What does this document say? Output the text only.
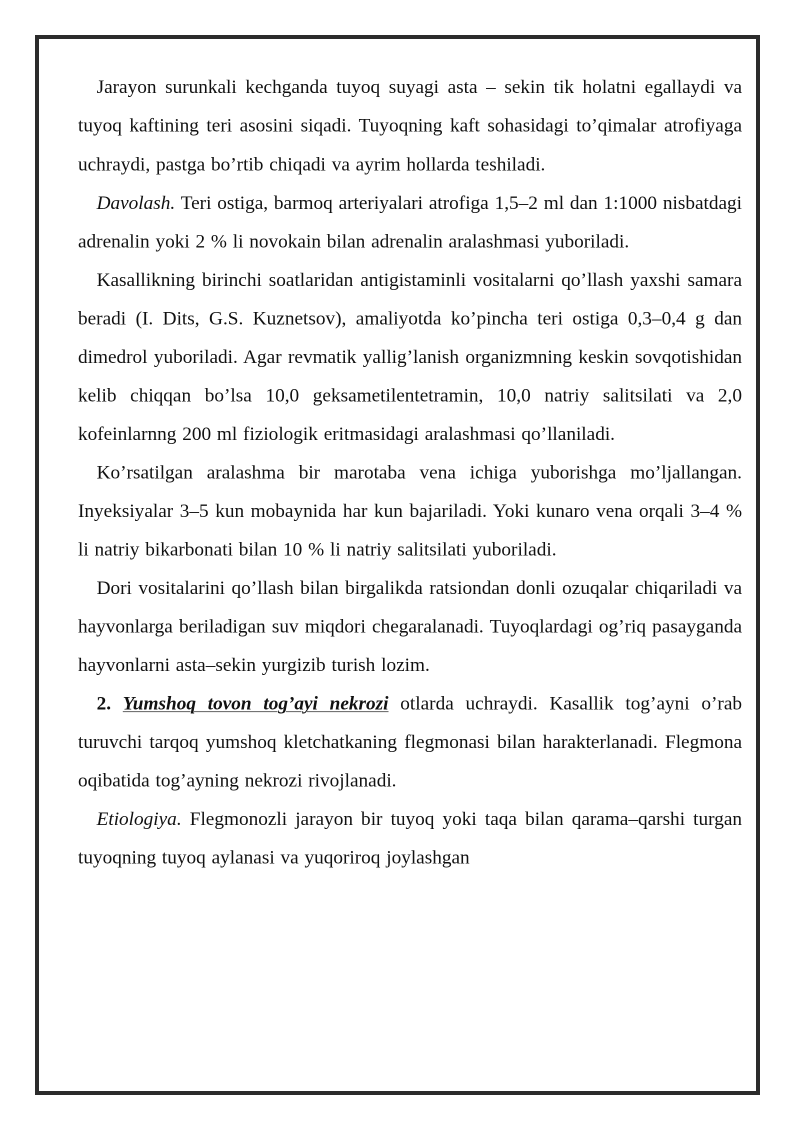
Jarayon surunkali kechganda tuyoq suyagi asta – sekin tik holatni egallaydi va tuyoq kaftining teri asosini siqadi. Tuyoqning kaft sohasidagi to’qimalar atrofiyaga uchraydi, pastga bo’rtib chiqadi va ayrim hollarda teshiladi.

Davolash. Teri ostiga, barmoq arteriyalari atrofiga 1,5–2 ml dan 1:1000 nisbatdagi adrenalin yoki 2 % li novokain bilan adrenalin aralashmasi yuboriladi.

Kasallikning birinchi soatlaridan antigistaminli vositalarni qo’llash yaxshi samara beradi (I. Dits, G.S. Kuznetsov), amaliyotda ko’pincha teri ostiga 0,3–0,4 g dan dimedrol yuboriladi. Agar revmatik yallig’lanish organizmning keskin sovqotishidan kelib chiqqan bo’lsa 10,0 geksametilentetramin, 10,0 natriy salitsilati va 2,0 kofeinlarnng 200 ml fiziologik eritmasidagi aralashmasi qo’llaniladi.

Ko’rsatilgan aralashma bir marotaba vena ichiga yuborishga mo’ljallangan. Inyeksiyalar 3–5 kun mobaynida har kun bajariladi. Yoki kunaro vena orqali 3–4 % li natriy bikarbonati bilan 10 % li natriy salitsilati yuboriladi.

Dori vositalarini qo’llash bilan birgalikda ratsiondan donli ozuqalar chiqariladi va hayvonlarga beriladigan suv miqdori chegaralanadi. Tuyoqlardagi og’riq pasayganda hayvonlarni asta–sekin yurgizib turish lozim.

2. Yumshoq tovon tog’ayi nekrozi otlarda uchraydi. Kasallik tog’ayni o’rab turuvchi tarqoq yumshoq kletchatkaning flegmonasi bilan harakterlanadi. Flegmona oqibatida tog’ayning nekrozi rivojlanadi.

Etiologiya. Flegmonozli jarayon bir tuyoq yoki taqa bilan qarama–qarshi turgan tuyoqning tuyoq aylanasi va yuqoriroq joylashgan
